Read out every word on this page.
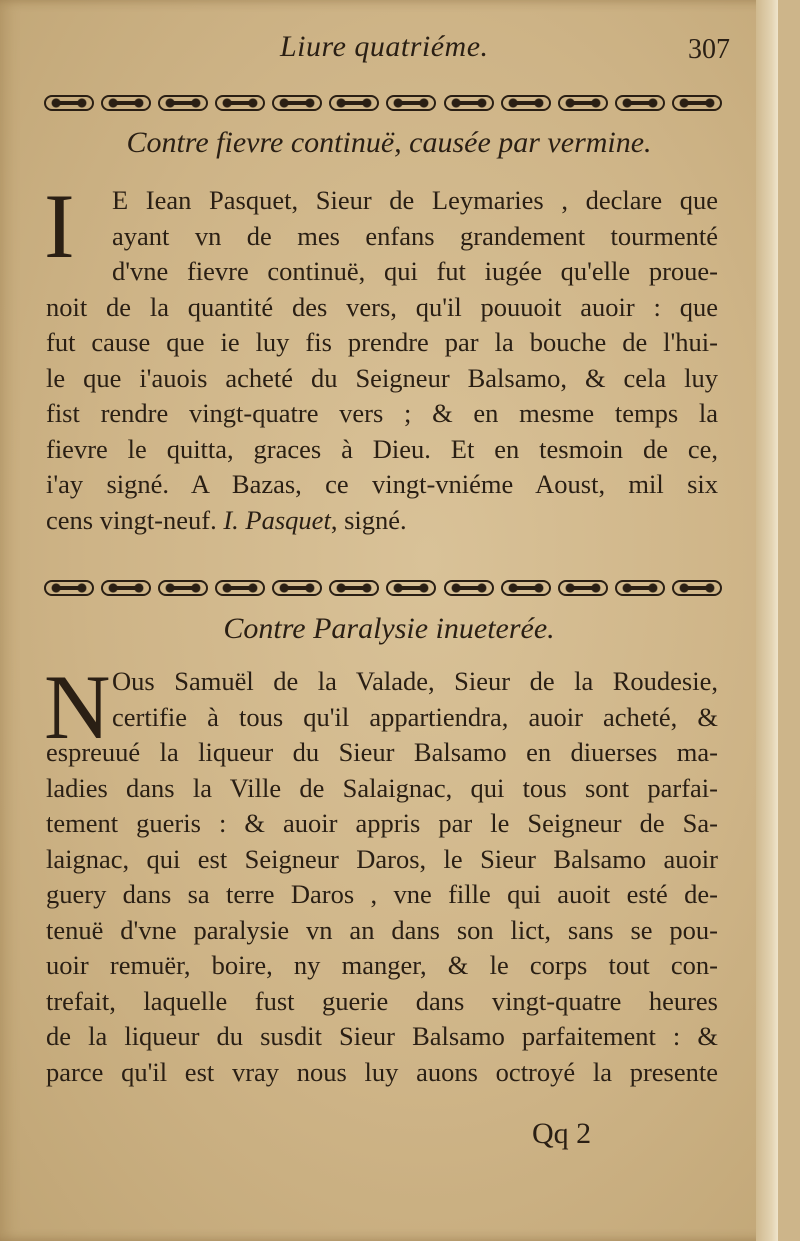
Liure quatriéme.	307
Contre fievre continuë, causée par vermine.
I	E Iean Pasquet, Sieur de Leymaries , declare que
ayant vn de mes enfans grandement tourmenté
d'vne fievre continuë, qui fut iugée qu'elle proue-
noit de la quantité des vers, qu'il pouuoit auoir : que
fut cause que ie luy fis prendre par la bouche de l'hui-
le que i'auois acheté du Seigneur Balsamo, & cela luy
fist rendre vingt-quatre vers ; & en mesme temps la
fievre le quitta, graces à Dieu. Et en tesmoin de ce,
i'ay signé. A Bazas, ce vingt-vniéme Aoust, mil six
cens vingt-neuf. I. Pasquet, signé.
Contre Paralysie inueterée.
N Ous Samuël de la Valade, Sieur de la Roudesie,
certifie à tous qu'il appartiendra, auoir acheté, &
espreuué la liqueur du Sieur Balsamo en diuerses ma-
ladies dans la Ville de Salaignac, qui tous sont parfai-
tement gueris : & auoir appris par le Seigneur de Sa-
laignac, qui est Seigneur Daros, le Sieur Balsamo auoir
guery dans sa terre Daros , vne fille qui auoit esté de-
tenuë d'vne paralysie vn an dans son lict, sans se pou-
uoir remuër, boire, ny manger, & le corps tout con-
trefait, laquelle fust guerie dans vingt-quatre heures
de la liqueur du susdit Sieur Balsamo parfaitement : &
parce qu'il est vray nous luy auons octroyé la presente
Qq 2
